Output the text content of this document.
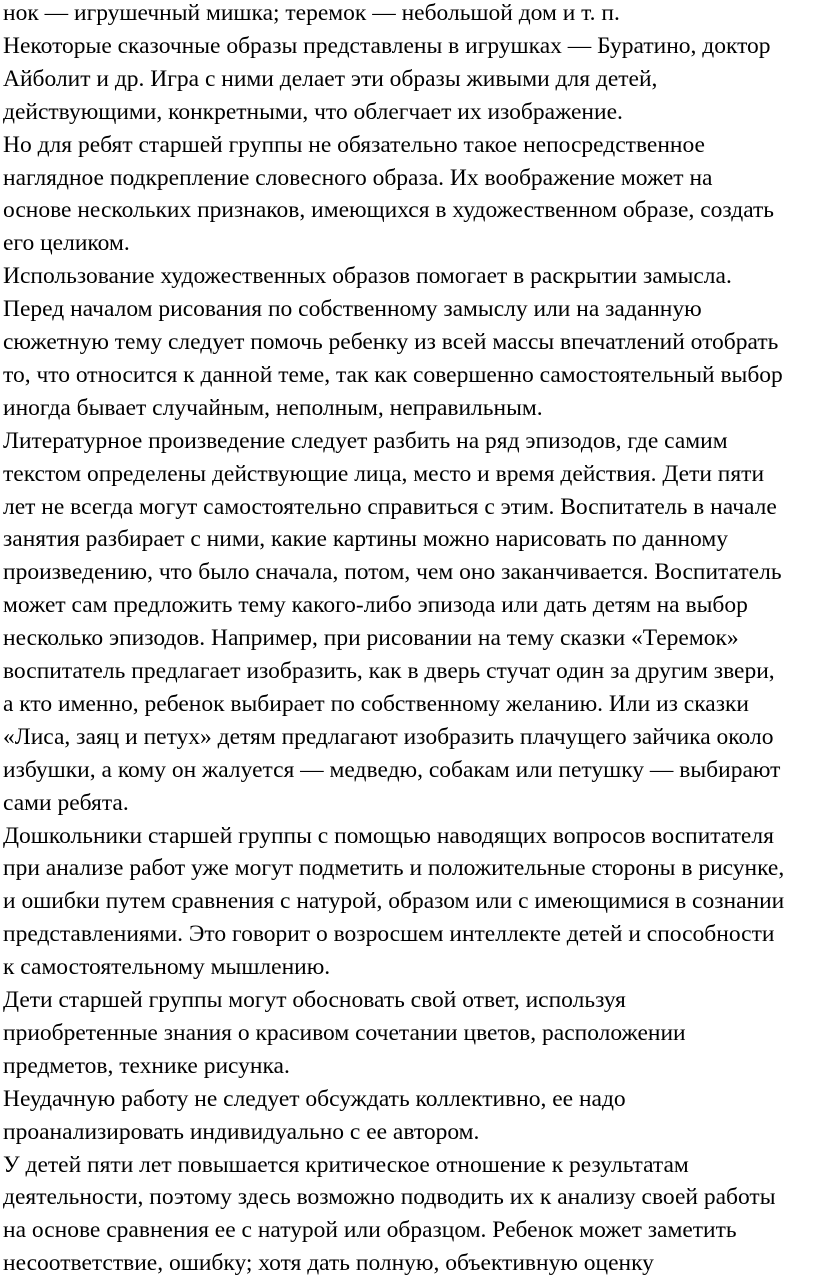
нок — игрушечный мишка; теремок — небольшой дом и т. п.
Некоторые сказочные образы представлены в игрушках — Буратино, доктор
Айболит и др. Игра с ними делает эти образы живыми для детей,
действующими, конкретными, что облегчает их изображение.
Но для ребят старшей группы не обязательно такое непосредственное
наглядное подкрепление словесного образа. Их воображение может на
основе нескольких признаков, имеющихся в художественном образе, создать
его целиком.
Использование художественных образов помогает в раскрытии замысла.
Перед началом рисования по собственному замыслу или на заданную
сюжетную тему следует помочь ребенку из всей массы впечатлений отобрать
то, что относится к данной теме, так как совершенно самостоятельный выбор
иногда бывает случайным, неполным, неправильным.
Литературное произведение следует разбить на ряд эпизодов, где самим
текстом определены действующие лица, место и время действия. Дети пяти
лет не всегда могут самостоятельно справиться с этим. Воспитатель в начале
занятия разбирает с ними, какие картины можно нарисовать по данному
произведению, что было сначала, потом, чем оно заканчивается. Воспитатель
может сам предложить тему какого-либо эпизода или дать детям на выбор
несколько эпизодов. Например, при рисовании на тему сказки «Теремок»
воспитатель предлагает изобразить, как в дверь стучат один за другим звери,
а кто именно, ребенок выбирает по собственному желанию. Или из сказки
«Лиса, заяц и петух» детям предлагают изобразить плачущего зайчика около
избушки, а кому он жалуется — медведю, собакам или петушку — выбирают
сами ребята.
Дошкольники старшей группы с помощью наводящих вопросов воспитателя
при анализе работ уже могут подметить и положительные стороны в рисунке,
и ошибки путем сравнения с натурой, образом или с имеющимися в сознании
представлениями. Это говорит о возросшем интеллекте детей и способности
к самостоятельному мышлению.
Дети старшей группы могут обосновать свой ответ, используя
приобретенные знания о красивом сочетании цветов, расположении
предметов, технике рисунка.
Неудачную работу не следует обсуждать коллективно, ее надо
проанализировать индивидуально с ее автором.
У детей пяти лет повышается критическое отношение к результатам
деятельности, поэтому здесь возможно подводить их к анализу своей работы
на основе сравнения ее с натурой или образцом. Ребенок может заметить
несоответствие, ошибку; хотя дать полную, объективную оценку
